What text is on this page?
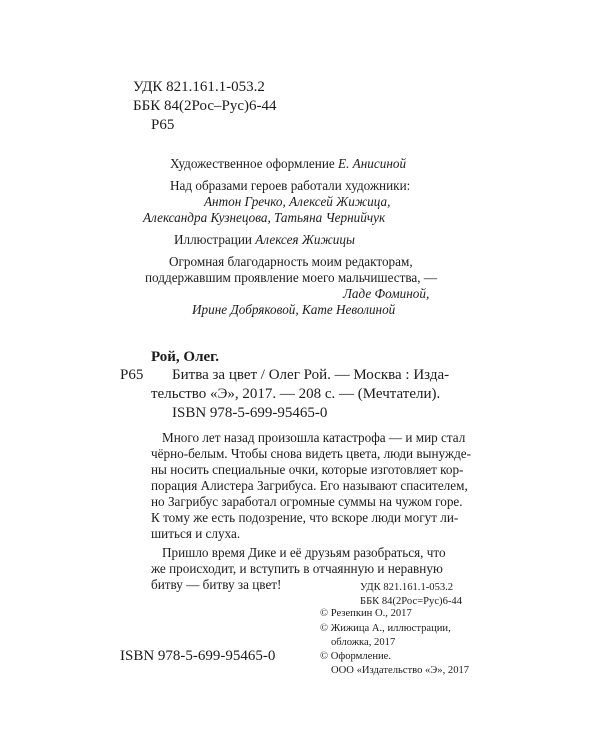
УДК 821.161.1-053.2
ББК 84(2Рос–Рус)6-44
Р65
Художественное оформление Е. Анисиной
Над образами героев работали художники:
Антон Гречко, Алексей Жижица,
Александра Кузнецова, Татьяна Чернийчук
Иллюстрации Алексея Жижицы
Огромная благодарность моим редакторам,
поддержавшим проявление моего мальчишества, —
Ладе Фоминой,
Ирине Добряковой, Кате Неволиной
Рой, Олег.
Р65 Битва за цвет / Олег Рой. — Москва : Изда-
тельство «Э», 2017. — 208 с. — (Мечтатели).
ISBN 978-5-699-95465-0
Много лет назад произошла катастрофа — и мир стал
чёрно-белым. Чтобы снова видеть цвета, люди вынужде-
ны носить специальные очки, которые изготовляет кор-
порация Алистера Загрибуса. Его называют спасителем,
но Загрибус заработал огромные суммы на чужом горе.
К тому же есть подозрение, что вскоре люди могут ли-
шиться и слуха.
Пришло время Дике и её друзьям разобраться, что
же происходит, и вступить в отчаянную и неравную
битву — битву за цвет!	УДК 821.161.1-053.2
ББК 84(2Рос=Рус)6-44
ISBN 978-5-699-95465-0
© Резепкин О., 2017
© Жижица А., иллюстрации,
обложка, 2017
© Оформление.
ООО «Издательство «Э», 2017
